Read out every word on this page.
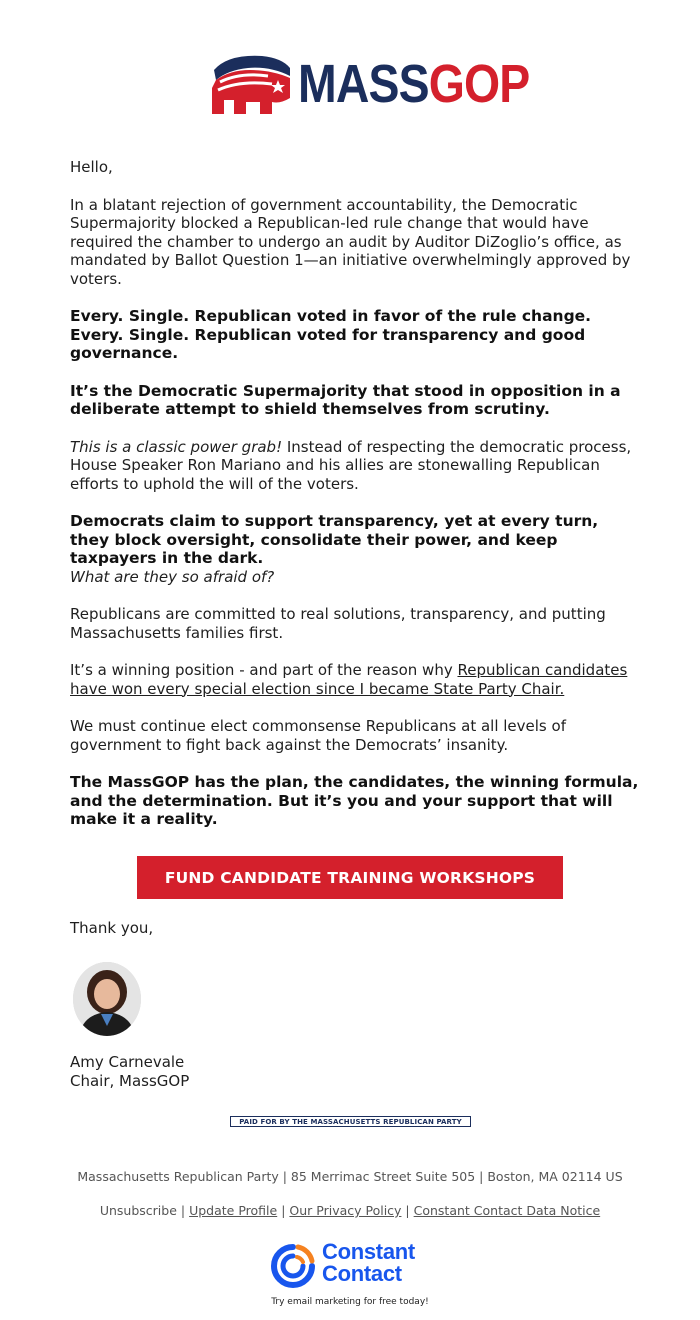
MASSGOP

Hello,

In a blatant rejection of government accountability, the Democratic Supermajority blocked a Republican-led rule change that would have required the chamber to undergo an audit by Auditor DiZoglio’s office, as mandated by Ballot Question 1—an initiative overwhelmingly approved by voters.

Every. Single. Republican voted in favor of the rule change.

Every. Single. Republican voted for transparency and good governance.

It’s the Democratic Supermajority that stood in opposition in a deliberate attempt to shield themselves from scrutiny.

This is a classic power grab! Instead of respecting the democratic process, House Speaker Ron Mariano and his allies are stonewalling Republican efforts to uphold the will of the voters.

Democrats claim to support transparency, yet at every turn, they block oversight, consolidate their power, and keep taxpayers in the dark.

What are they so afraid of?

Republicans are committed to real solutions, transparency, and putting Massachusetts families first.

It’s a winning position - and part of the reason why Republican candidates have won every special election since I became State Party Chair.

We must continue elect commonsense Republicans at all levels of government to fight back against the Democrats’ insanity.

The MassGOP has the plan, the candidates, the winning formula, and the determination. But it’s you and your support that will make it a reality.

FUND CANDIDATE TRAINING WORKSHOPS
Thank you,
Amy Carnevale
Chair, MassGOP
PAID FOR BY THE MASSACHUSETTS REPUBLICAN PARTY
Massachusetts Republican Party | 85 Merrimac Street Suite 505 | Boston, MA 02114 US
Unsubscribe | Update Profile | Our Privacy Policy | Constant Contact Data Notice
Constant
Contact
Try email marketing for free today!
